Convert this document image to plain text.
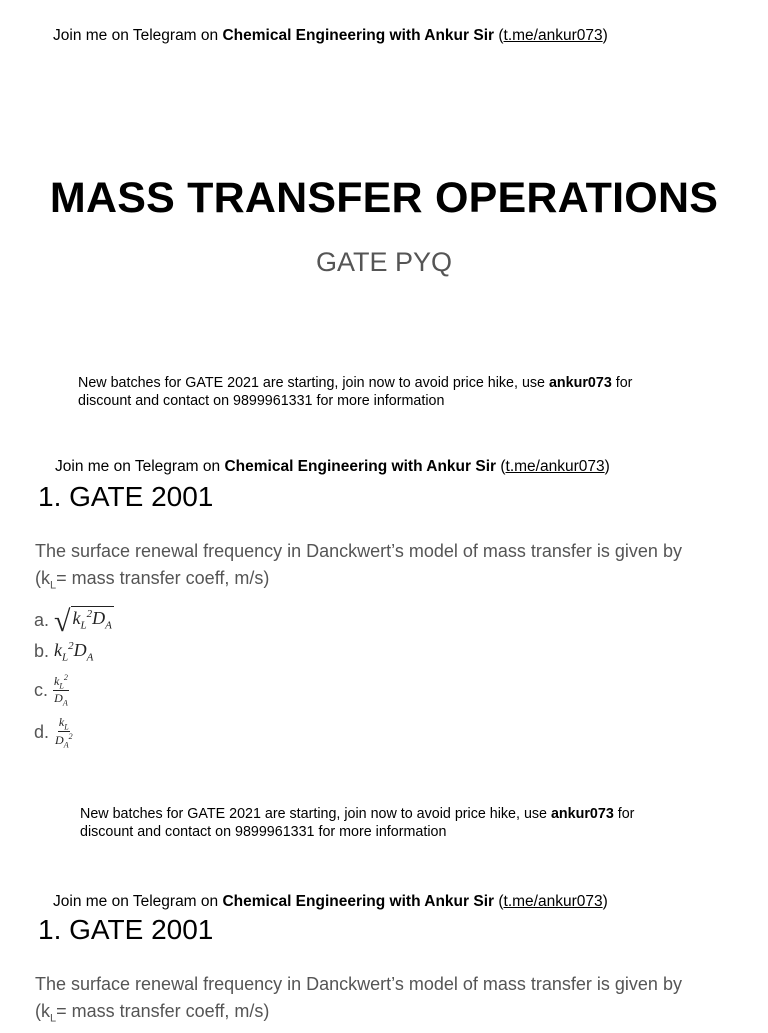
Join me on Telegram on Chemical Engineering with Ankur Sir (t.me/ankur073)
MASS TRANSFER OPERATIONS
GATE PYQ
New batches for GATE 2021 are starting, join now to avoid price hike, use ankur073 for
discount and contact on 9899961331 for more information
Join me on Telegram on Chemical Engineering with Ankur Sir (t.me/ankur073)
1. GATE 2001
The surface renewal frequency in Danckwert’s model of mass transfer is given by
($k_L=$ mass transfer coeff, m/s)
a. √ $k_L^2D_A$
b. $k_L^2D_A$
c. $\frac{k_L^2}{D_A}$
d. $\frac{k_L}{D_A^2}$
New batches for GATE 2021 are starting, join now to avoid price hike, use ankur073 for
discount and contact on 9899961331 for more information
Join me on Telegram on Chemical Engineering with Ankur Sir (t.me/ankur073)
1. GATE 2001
The surface renewal frequency in Danckwert’s model of mass transfer is given by
($k_L=$ mass transfer coeff, m/s)
